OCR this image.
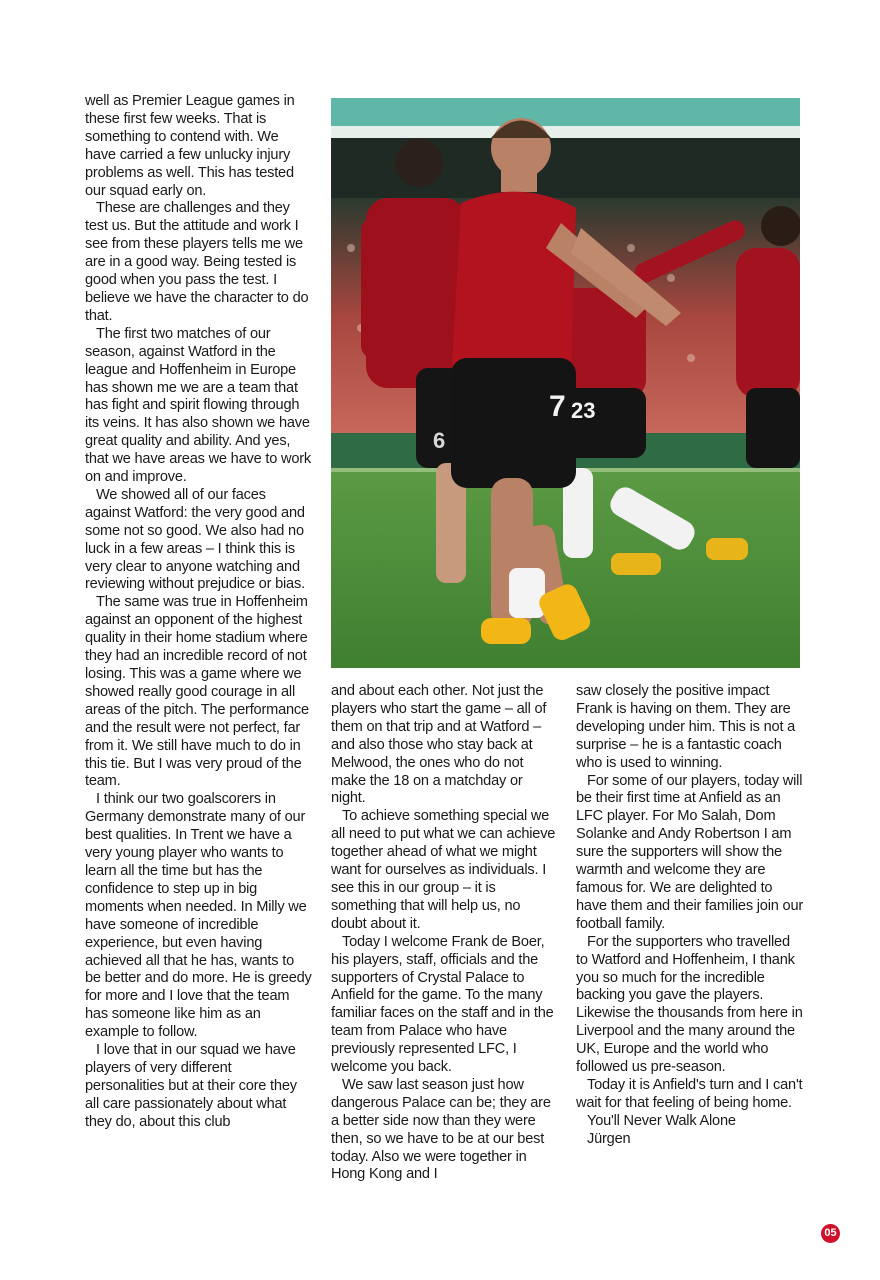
well as Premier League games in these first few weeks. That is something to contend with. We have carried a few unlucky injury problems as well. This has tested our squad early on.

These are challenges and they test us. But the attitude and work I see from these players tells me we are in a good way. Being tested is good when you pass the test. I believe we have the character to do that.

The first two matches of our season, against Watford in the league and Hoffenheim in Europe has shown me we are a team that has fight and spirit flowing through its veins. It has also shown we have great quality and ability. And yes, that we have areas we have to work on and improve.

We showed all of our faces against Watford: the very good and some not so good. We also had no luck in a few areas – I think this is very clear to anyone watching and reviewing without prejudice or bias.

The same was true in Hoffenheim against an opponent of the highest quality in their home stadium where they had an incredible record of not losing. This was a game where we showed really good courage in all areas of the pitch. The performance and the result were not perfect, far from it. We still have much to do in this tie. But I was very proud of the team.

I think our two goalscorers in Germany demonstrate many of our best qualities. In Trent we have a very young player who wants to learn all the time but has the confidence to step up in big moments when needed. In Milly we have someone of incredible experience, but even having achieved all that he has, wants to be better and do more. He is greedy for more and I love that the team has someone like him as an example to follow.

I love that in our squad we have players of very different personalities but at their core they all care passionately about what they do, about this club

7 23
6

and about each other. Not just the players who start the game – all of them on that trip and at Watford – and also those who stay back at Melwood, the ones who do not make the 18 on a matchday or night.

To achieve something special we all need to put what we can achieve together ahead of what we might want for ourselves as individuals. I see this in our group – it is something that will help us, no doubt about it.

Today I welcome Frank de Boer, his players, staff, officials and the supporters of Crystal Palace to Anfield for the game. To the many familiar faces on the staff and in the team from Palace who have previously represented LFC, I welcome you back.

We saw last season just how dangerous Palace can be; they are a better side now than they were then, so we have to be at our best today. Also we were together in Hong Kong and I

saw closely the positive impact Frank is having on them. They are developing under him. This is not a surprise – he is a fantastic coach who is used to winning.

For some of our players, today will be their first time at Anfield as an LFC player. For Mo Salah, Dom Solanke and Andy Robertson I am sure the supporters will show the warmth and welcome they are famous for. We are delighted to have them and their families join our football family.

For the supporters who travelled to Watford and Hoffenheim, I thank you so much for the incredible backing you gave the players. Likewise the thousands from here in Liverpool and the many around the UK, Europe and the world who followed us pre-season.

Today it is Anfield's turn and I can't wait for that feeling of being home.

You'll Never Walk Alone

Jürgen

05
